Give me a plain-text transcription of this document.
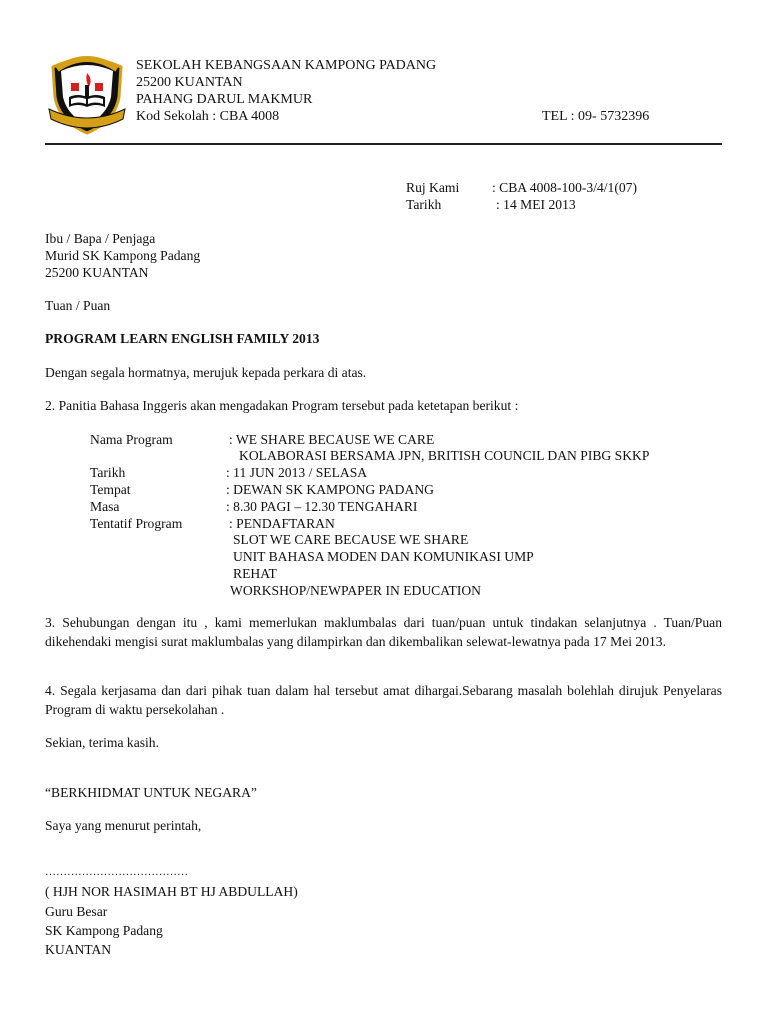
SEKOLAH KEBANGSAAN KAMPONG PADANG
25200 KUANTAN
PAHANG DARUL MAKMUR
Kod Sekolah : CBA 4008	TEL : 09- 5732396
Ruj Kami : CBA 4008-100-3/4/1(07)
Tarikh	: 14 MEI 2013
Ibu / Bapa / Penjaga
Murid SK Kampong Padang
25200 KUANTAN
Tuan / Puan
PROGRAM LEARN ENGLISH FAMILY 2013
Dengan segala hormatnya, merujuk kepada perkara di atas.
2. Panitia Bahasa Inggeris akan mengadakan Program tersebut pada ketetapan berikut :
Nama Program	: WE SHARE BECAUSE WE CARE
KOLABORASI BERSAMA JPN, BRITISH COUNCIL DAN PIBG SKKP
Tarikh	: 11 JUN 2013 / SELASA
Tempat	: DEWAN SK KAMPONG PADANG
Masa	: 8.30 PAGI – 12.30 TENGAHARI
Tentatif Program	: PENDAFTARAN
SLOT WE CARE BECAUSE WE SHARE
UNIT BAHASA MODEN DAN KOMUNIKASI UMP
REHAT
WORKSHOP/NEWPAPER IN EDUCATION
3. Sehubungan dengan itu , kami memerlukan maklumbalas dari tuan/puan untuk tindakan selanjutnya . Tuan/Puan dikehendaki mengisi surat maklumbalas yang dilampirkan dan dikembalikan selewat-lewatnya pada 17 Mei 2013.
4. Segala kerjasama dan dari pihak tuan dalam hal tersebut amat dihargai.Sebarang masalah bolehlah dirujuk Penyelaras Program di waktu persekolahan .
Sekian, terima kasih.
“BERKHIDMAT UNTUK NEGARA”
Saya yang menurut perintah,
…………………………………
( HJH NOR HASIMAH BT HJ ABDULLAH)
Guru Besar
SK Kampong Padang
KUANTAN
